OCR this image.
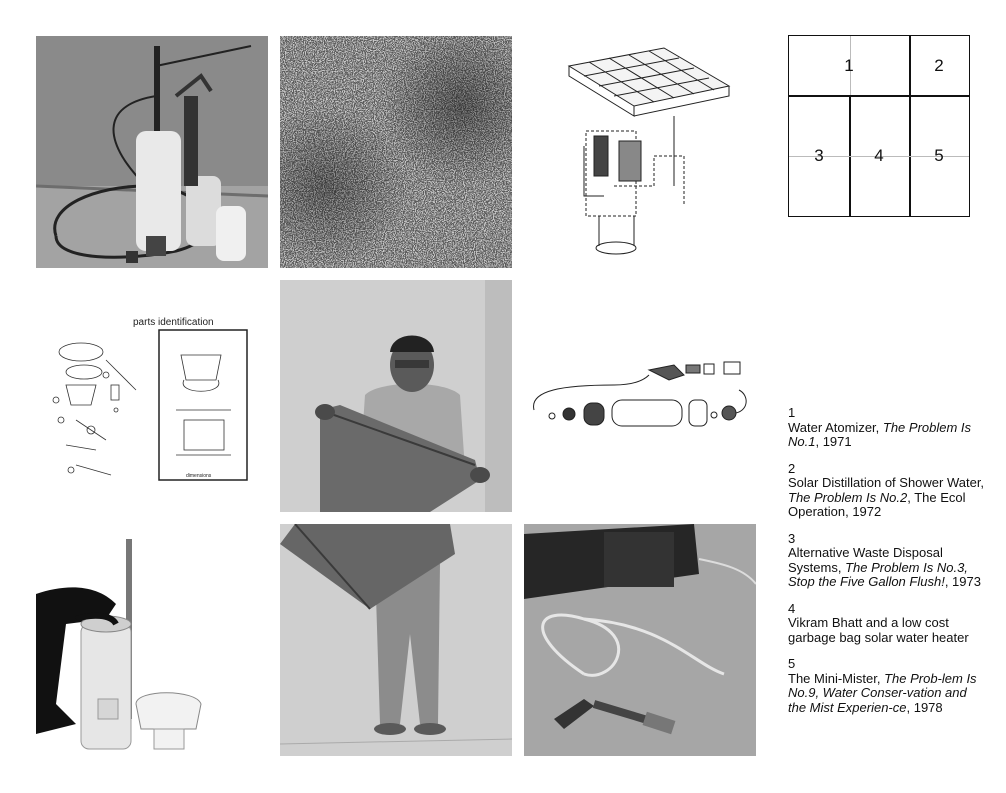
parts identification
dimensions
1	2
3	4	5
1
Water Atomizer, The Problem Is No.1, 1971
2
Solar Distillation of Shower Water, The Problem Is No.2, The Ecol Operation, 1972
3
Alternative Waste Disposal Systems, The Problem Is No.3, Stop the Five Gallon Flush!, 1973
4
Vikram Bhatt and a low cost garbage bag solar water heater
5
The Mini-Mister, The Prob-lem Is No.9, Water Conser-vation and the Mist Experien-ce, 1978
